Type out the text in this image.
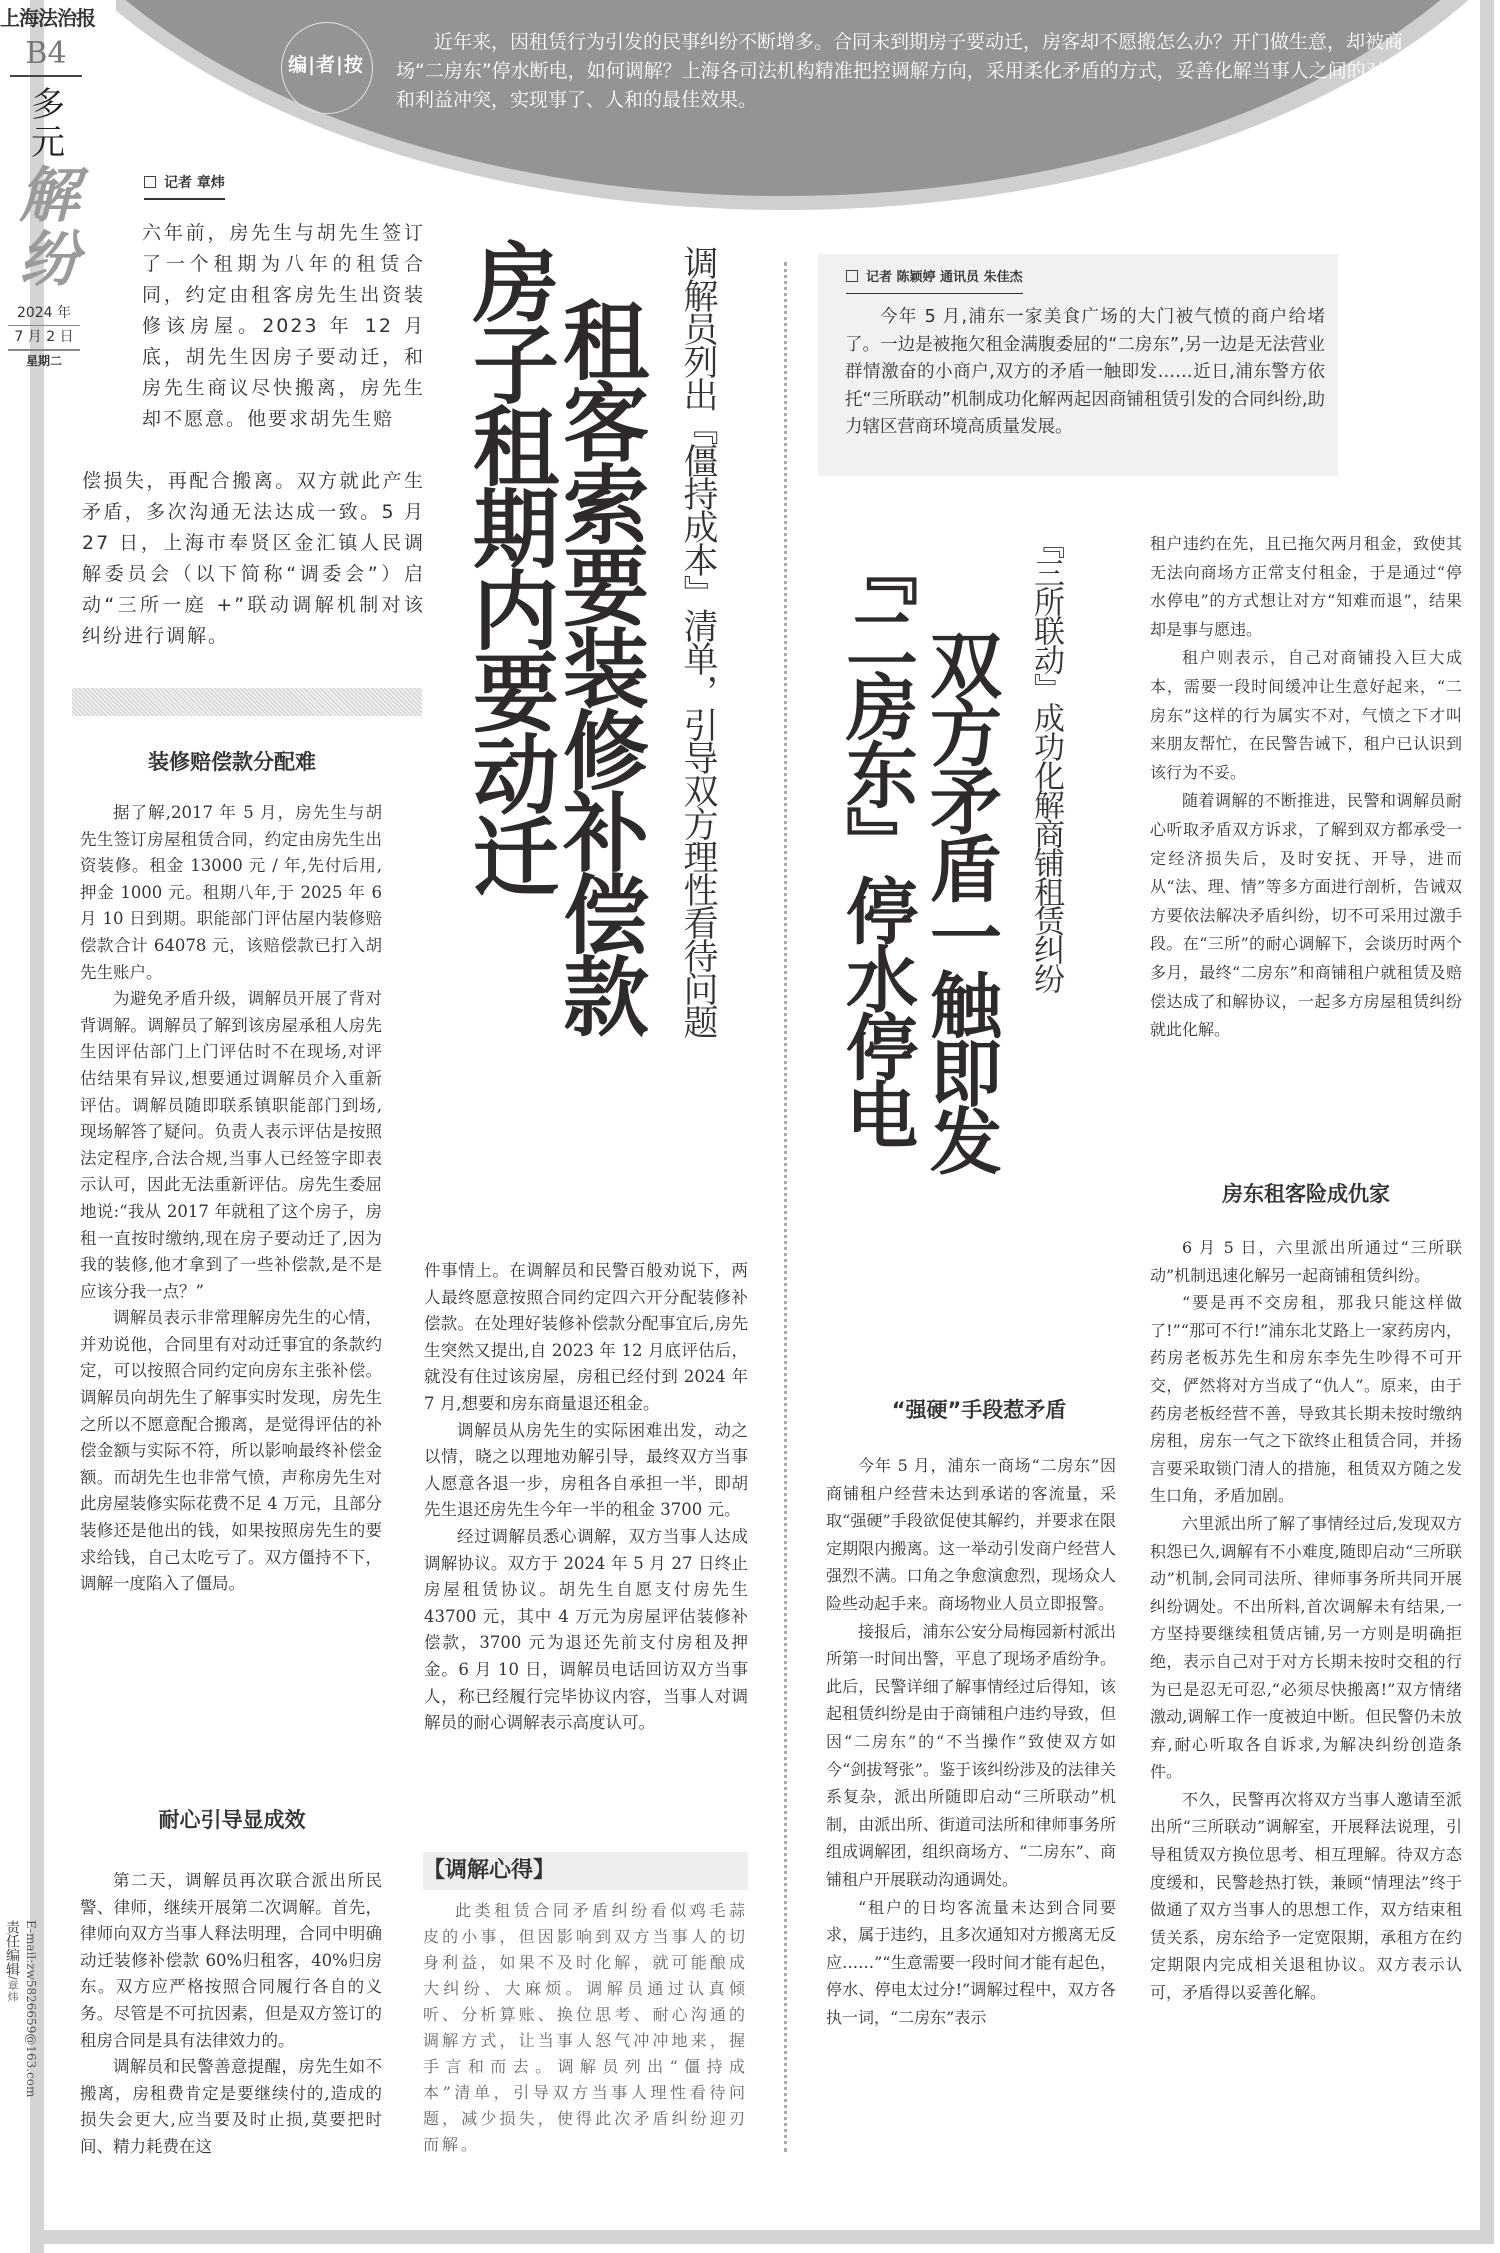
上海法治报
B4
多元
解纷
2024 年
7 月 2 日
星期二
责任编辑/章炜 E-mail:zw5826659@163.com
编|者|按
近年来，因租赁行为引发的民事纠纷不断增多。合同未到期房子要动迁，房客却不愿搬怎么办？开门做生意，却被商场“二房东”停水断电，如何调解？上海各司法机构精准把控调解方向，采用柔化矛盾的方式，妥善化解当事人之间的对立情绪和利益冲突，实现事了、人和的最佳效果。
记者 章炜
六年前，房先生与胡先生签订了一个租期为八年的租赁合同，约定由租客房先生出资装修该房屋。2023 年 12 月底，胡先生因房子要动迁，和房先生商议尽快搬离，房先生却不愿意。他要求胡先生赔
偿损失，再配合搬离。双方就此产生矛盾，多次沟通无法达成一致。5 月 27 日，上海市奉贤区金汇镇人民调解委员会（以下简称“调委会”）启动“三所一庭 +”联动调解机制对该纠纷进行调解。	房子租期内要动迁
租客索要装修补偿款 调解员列出『僵持成本』清单，引导双方理性看待问题
装修赔偿款分配难

据了解,2017 年 5 月，房先生与胡先生签订房屋租赁合同，约定由房先生出资装修。租金 13000 元 / 年,先付后用,押金 1000 元。租期八年,于 2025 年 6 月 10 日到期。职能部门评估屋内装修赔偿款合计 64078 元，该赔偿款已打入胡先生账户。

为避免矛盾升级，调解员开展了背对背调解。调解员了解到该房屋承租人房先生因评估部门上门评估时不在现场,对评估结果有异议,想要通过调解员介入重新评估。调解员随即联系镇职能部门到场,现场解答了疑问。负责人表示评估是按照法定程序,合法合规,当事人已经签字即表示认可，因此无法重新评估。房先生委屈地说:“我从 2017 年就租了这个房子，房租一直按时缴纳,现在房子要动迁了,因为我的装修,他才拿到了一些补偿款,是不是应该分我一点？”

调解员表示非常理解房先生的心情，并劝说他，合同里有对动迁事宜的条款约定，可以按照合同约定向房东主张补偿。调解员向胡先生了解事实时发现，房先生之所以不愿意配合搬离，是觉得评估的补偿金额与实际不符，所以影响最终补偿金额。而胡先生也非常气愤，声称房先生对此房屋装修实际花费不足 4 万元，且部分装修还是他出的钱，如果按照房先生的要求给钱，自己太吃亏了。双方僵持不下，调解一度陷入了僵局。

耐心引导显成效

第二天，调解员再次联合派出所民警、律师，继续开展第二次调解。首先，律师向双方当事人释法明理，合同中明确动迁装修补偿款 60%归租客，40%归房东。双方应严格按照合同履行各自的义务。尽管是不可抗因素，但是双方签订的租房合同是具有法律效力的。

调解员和民警善意提醒，房先生如不搬离，房租费肯定是要继续付的,造成的损失会更大,应当要及时止损,莫要把时间、精力耗费在这

件事情上。在调解员和民警百般劝说下，两人最终愿意按照合同约定四六开分配装修补偿款。在处理好装修补偿款分配事宜后,房先生突然又提出,自 2023 年 12 月底评估后，就没有住过该房屋，房租已经付到 2024 年 7 月,想要和房东商量退还租金。

调解员从房先生的实际困难出发，动之以情，晓之以理地劝解引导，最终双方当事人愿意各退一步，房租各自承担一半，即胡先生退还房先生今年一半的租金 3700 元。

经过调解员悉心调解，双方当事人达成调解协议。双方于 2024 年 5 月 27 日终止房屋租赁协议。胡先生自愿支付房先生 43700 元，其中 4 万元为房屋评估装修补偿款，3700 元为退还先前支付房租及押金。6 月 10 日，调解员电话回访双方当事人，称已经履行完毕协议内容，当事人对调解员的耐心调解表示高度认可。

【调解心得】

此类租赁合同矛盾纠纷看似鸡毛蒜皮的小事，但因影响到双方当事人的切身利益，如果不及时化解，就可能酿成大纠纷、大麻烦。调解员通过认真倾听、分析算账、换位思考、耐心沟通的调解方式，让当事人怒气冲冲地来，握手言和而去。调解员列出“僵持成本”清单，引导双方当事人理性看待问题，减少损失，使得此次矛盾纠纷迎刃而解。

记者 陈颖婷 通讯员 朱佳杰

今年 5 月,浦东一家美食广场的大门被气愤的商户给堵了。一边是被拖欠租金满腹委屈的“二房东”,另一边是无法营业群情激奋的小商户,双方的矛盾一触即发……近日,浦东警方依托“三所联动”机制成功化解两起因商铺租赁引发的合同纠纷,助力辖区营商环境高质量发展。

『二房东』停水停电 双方矛盾一触即发 『三所联动』成功化解商铺租赁纠纷
“强硬”手段惹矛盾

今年 5 月，浦东一商场“二房东”因商铺租户经营未达到承诺的客流量，采取“强硬”手段欲促使其解约，并要求在限定期限内搬离。这一举动引发商户经营人强烈不满。口角之争愈演愈烈，现场众人险些动起手来。商场物业人员立即报警。

接报后，浦东公安分局梅园新村派出所第一时间出警，平息了现场矛盾纷争。此后，民警详细了解事情经过后得知，该起租赁纠纷是由于商铺租户违约导致，但因“二房东”的“不当操作”致使双方如今“剑拔弩张”。鉴于该纠纷涉及的法律关系复杂，派出所随即启动“三所联动”机制，由派出所、街道司法所和律师事务所组成调解团，组织商场方、“二房东”、商铺租户开展联动沟通调处。

“租户的日均客流量未达到合同要求，属于违约，且多次通知对方搬离无反应……”“生意需要一段时间才能有起色，停水、停电太过分!”调解过程中，双方各执一词，“二房东”表示

租户违约在先，且已拖欠两月租金，致使其无法向商场方正常支付租金，于是通过“停水停电”的方式想让对方“知难而退”，结果却是事与愿违。

租户则表示，自己对商铺投入巨大成本，需要一段时间缓冲让生意好起来，“二房东”这样的行为属实不对，气愤之下才叫来朋友帮忙，在民警告诫下，租户已认识到该行为不妥。

随着调解的不断推进，民警和调解员耐心听取矛盾双方诉求，了解到双方都承受一定经济损失后，及时安抚、开导，进而从“法、理、情”等多方面进行剖析，告诫双方要依法解决矛盾纠纷，切不可采用过激手段。在“三所”的耐心调解下，会谈历时两个多月，最终“二房东”和商铺租户就租赁及赔偿达成了和解协议，一起多方房屋租赁纠纷就此化解。

房东租客险成仇家

6 月 5 日，六里派出所通过“三所联动”机制迅速化解另一起商铺租赁纠纷。

“要是再不交房租，那我只能这样做了!”“那可不行!”浦东北艾路上一家药房内，药房老板苏先生和房东李先生吵得不可开交，俨然将对方当成了“仇人”。原来，由于药房老板经营不善，导致其长期未按时缴纳房租，房东一气之下欲终止租赁合同，并扬言要采取锁门清人的措施，租赁双方随之发生口角，矛盾加剧。

六里派出所了解了事情经过后,发现双方积怨已久,调解有不小难度,随即启动“三所联动”机制,会同司法所、律师事务所共同开展纠纷调处。不出所料,首次调解未有结果,一方坚持要继续租赁店铺,另一方则是明确拒绝，表示自己对于对方长期未按时交租的行为已是忍无可忍,“必须尽快搬离!”双方情绪激动,调解工作一度被迫中断。但民警仍未放弃,耐心听取各自诉求,为解决纠纷创造条件。

不久，民警再次将双方当事人邀请至派出所“三所联动”调解室，开展释法说理，引导租赁双方换位思考、相互理解。待双方态度缓和，民警趁热打铁，兼顾“情理法”终于做通了双方当事人的思想工作，双方结束租赁关系，房东给予一定宽限期，承租方在约定期限内完成相关退租协议。双方表示认可，矛盾得以妥善化解。
